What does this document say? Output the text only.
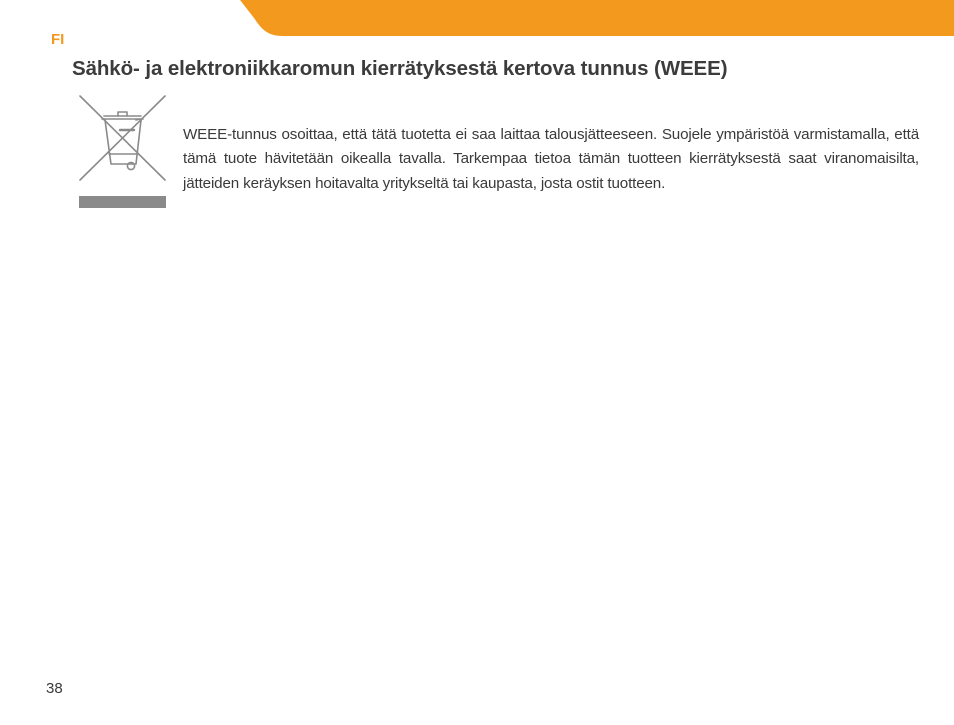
FI

Sähkö- ja elektroniikkaromun kierrätyksestä kertova tunnus (WEEE)

WEEE-tunnus osoittaa, että tätä tuotetta ei saa laittaa talousjätteeseen. Suojele ympäristöä varmistamalla, että tämä tuote hävitetään oikealla tavalla. Tarkempaa tietoa tämän tuotteen kierrätyksestä saat viranomaisilta, jätteiden keräyksen hoitavalta yritykseltä tai kaupasta, josta ostit tuotteen.

38
